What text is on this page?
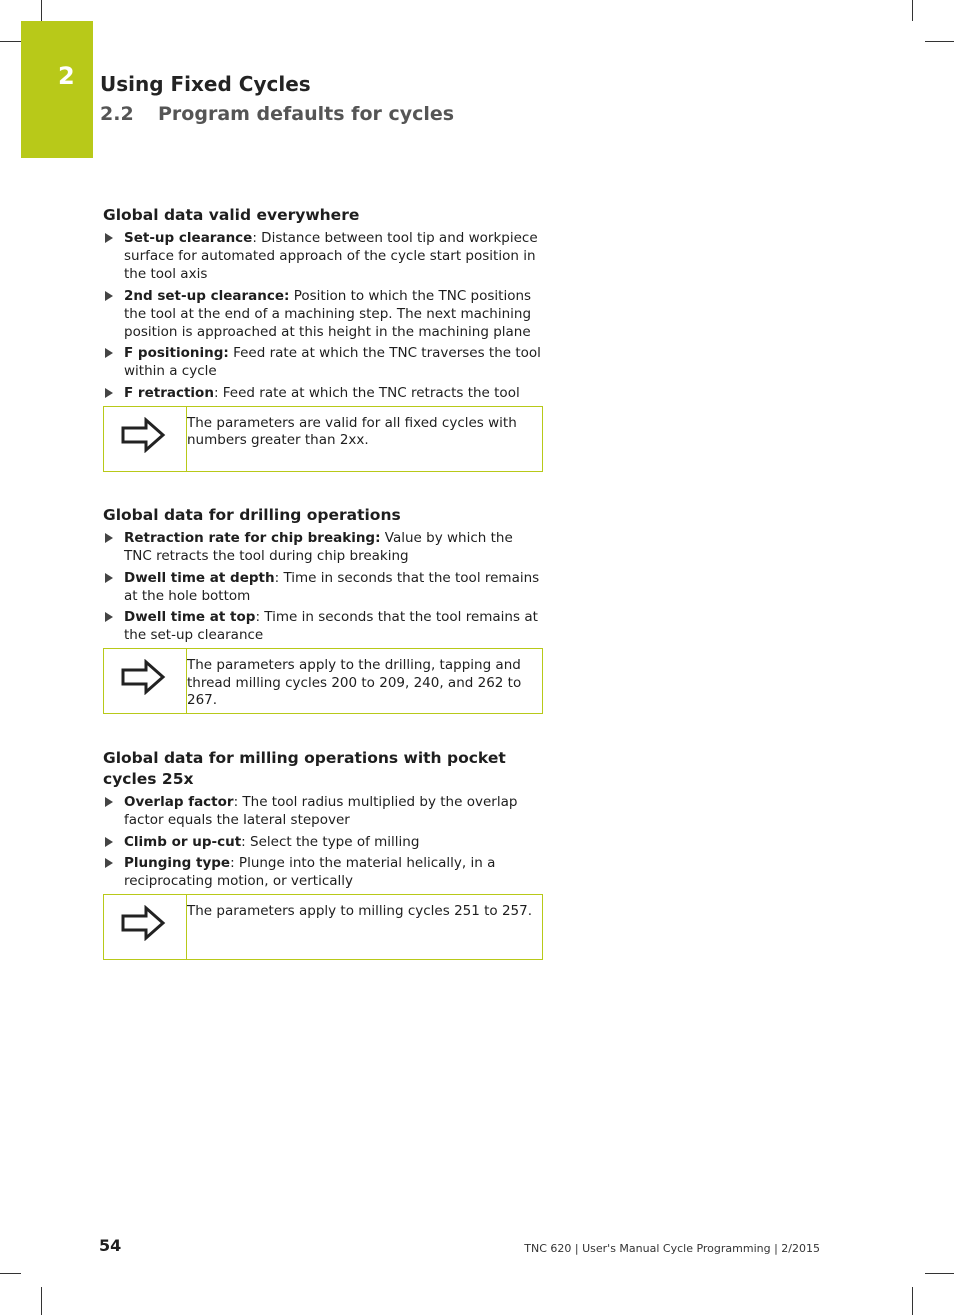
2 Using Fixed Cycles
2.2 Program defaults for cycles
Global data valid everywhere
Set-up clearance: Distance between tool tip and workpiece surface for automated approach of the cycle start position in the tool axis
2nd set-up clearance: Position to which the TNC positions the tool at the end of a machining step. The next machining position is approached at this height in the machining plane
F positioning: Feed rate at which the TNC traverses the tool within a cycle
F retraction: Feed rate at which the TNC retracts the tool
The parameters are valid for all fixed cycles with numbers greater than 2xx.
Global data for drilling operations
Retraction rate for chip breaking: Value by which the TNC retracts the tool during chip breaking
Dwell time at depth: Time in seconds that the tool remains at the hole bottom
Dwell time at top: Time in seconds that the tool remains at the set-up clearance
The parameters apply to the drilling, tapping and thread milling cycles 200 to 209, 240, and 262 to 267.
Global data for milling operations with pocket cycles 25x
Overlap factor: The tool radius multiplied by the overlap factor equals the lateral stepover
Climb or up-cut: Select the type of milling
Plunging type: Plunge into the material helically, in a reciprocating motion, or vertically
The parameters apply to milling cycles 251 to 257.
54	TNC 620 | User's Manual Cycle Programming | 2/2015
